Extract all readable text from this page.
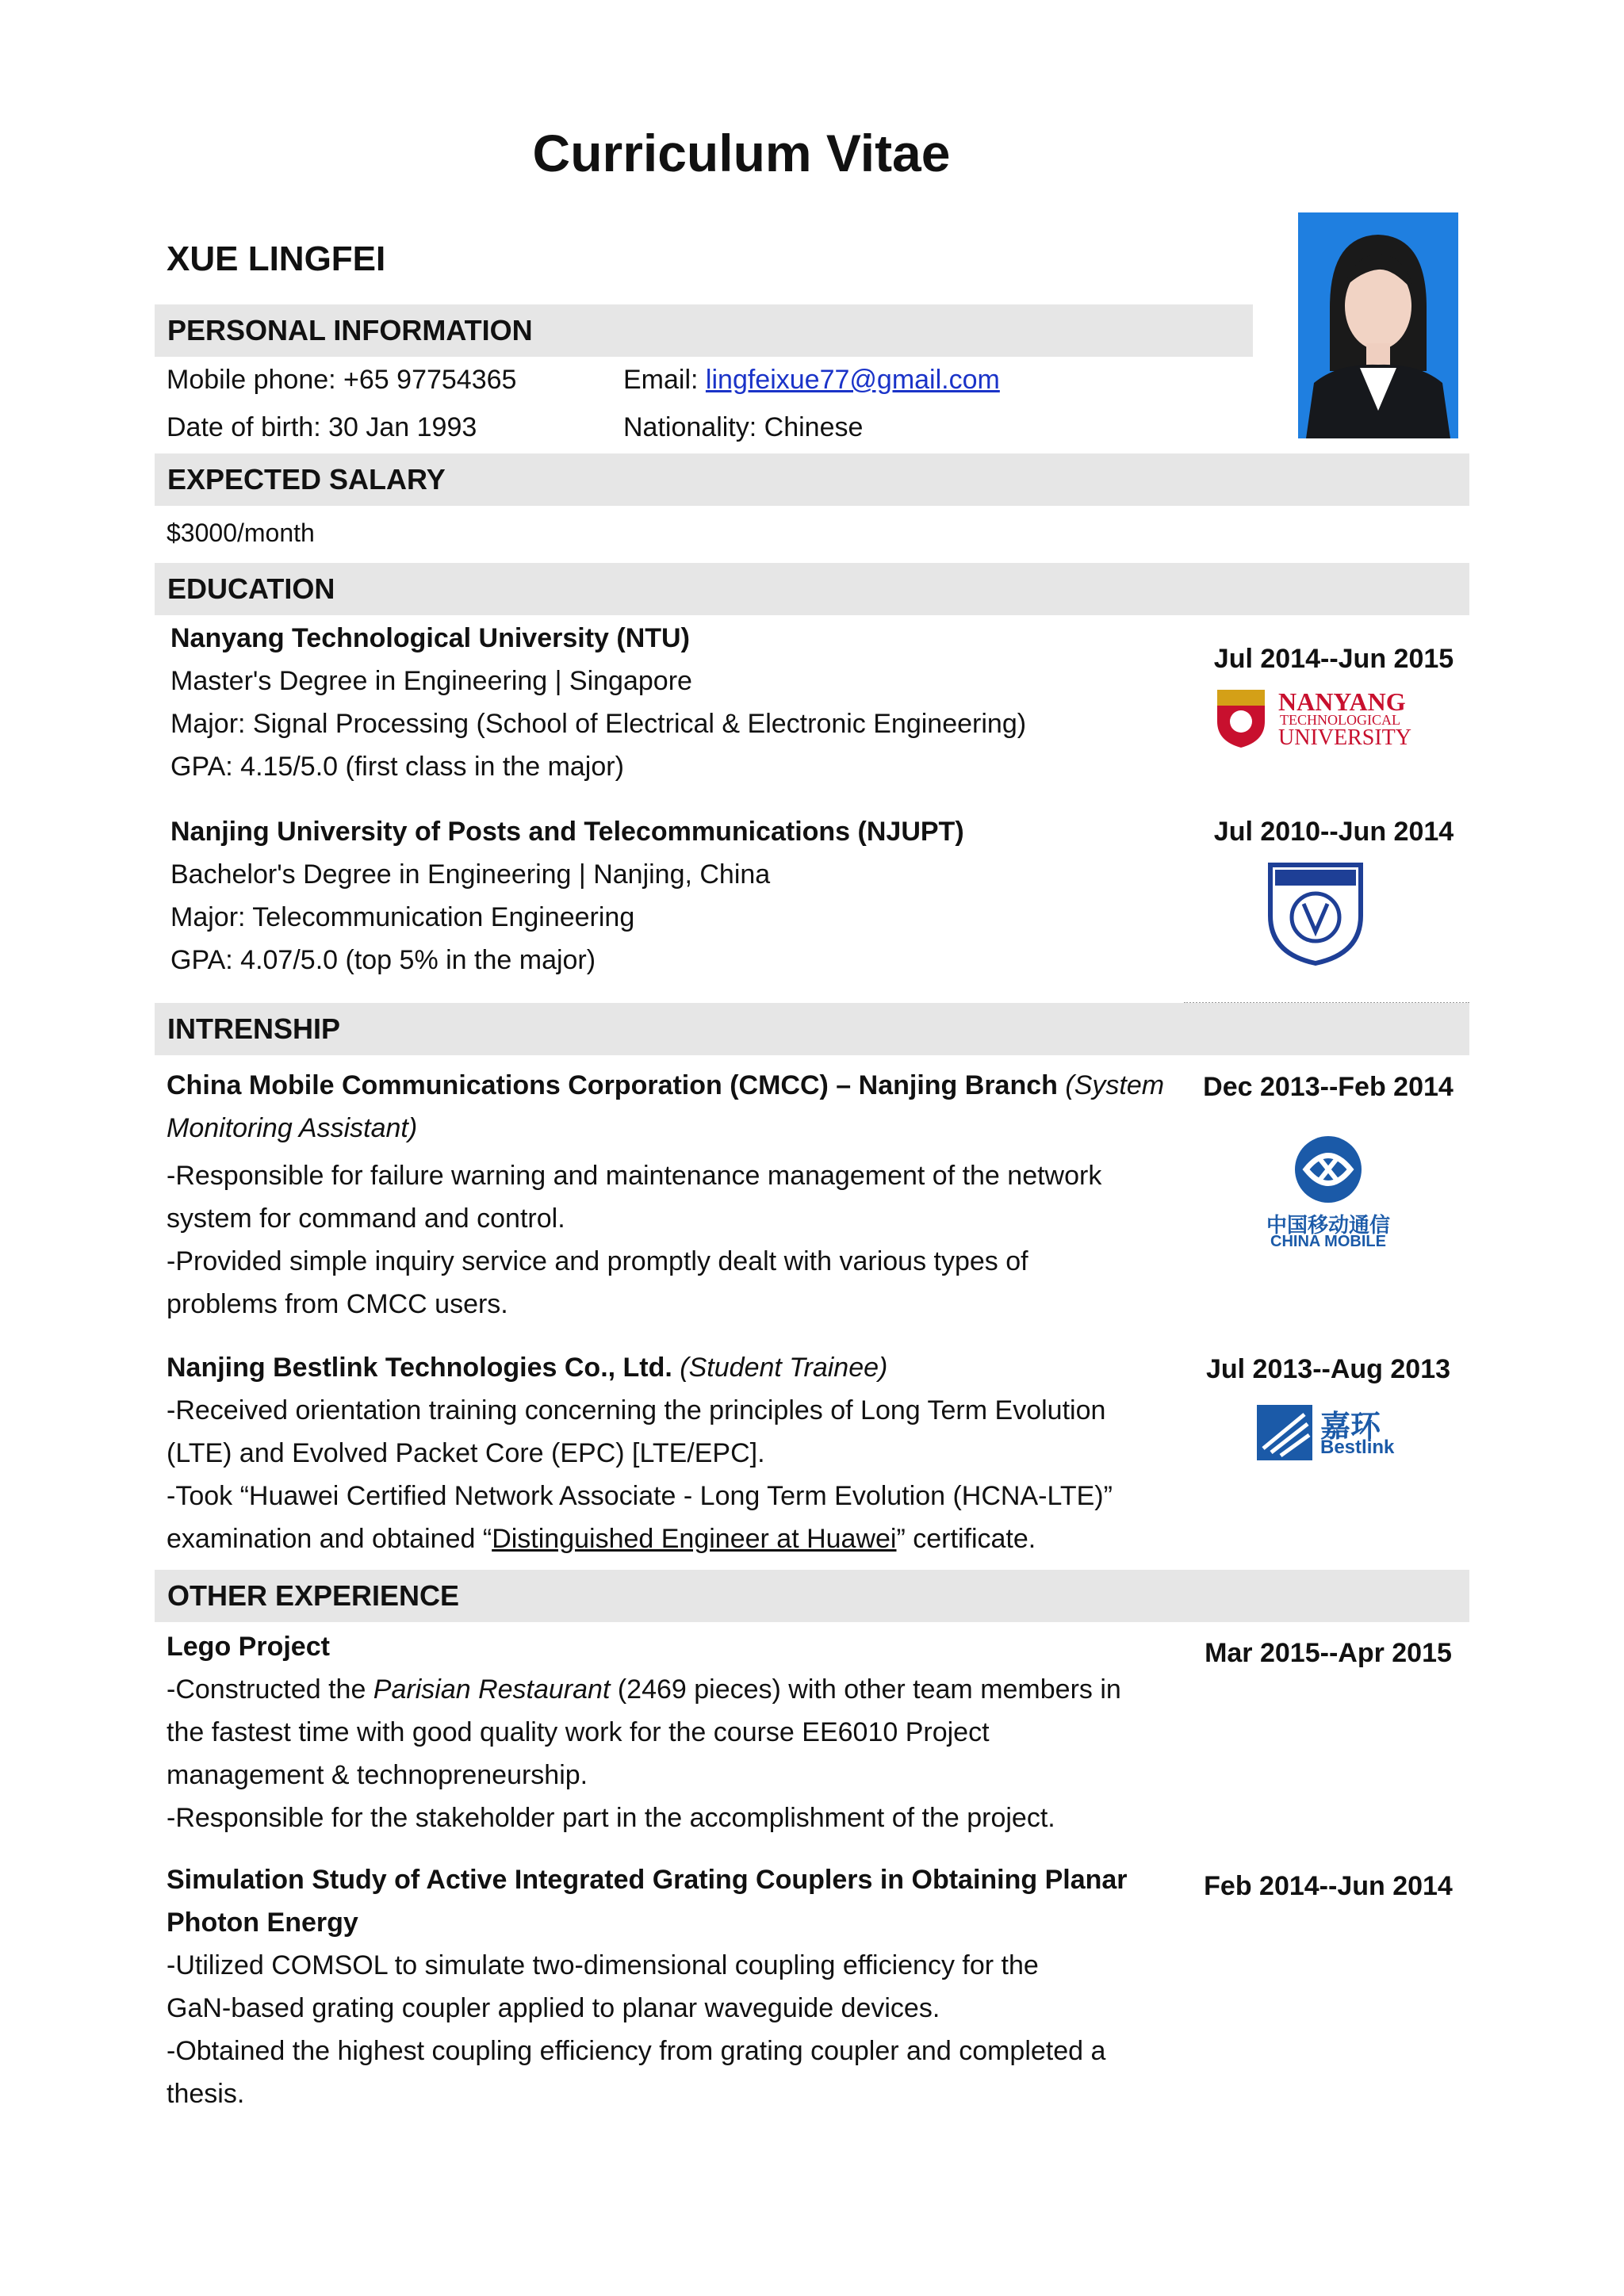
Curriculum Vitae
XUE LINGFEI
PERSONAL INFORMATION
Mobile phone: +65 97754365	Email: lingfeixue77@gmail.com
Date of birth: 30 Jan 1993	Nationality: Chinese
EXPECTED SALARY
$3000/month
EDUCATION
Nanyang Technological University (NTU)
Master's Degree in Engineering | Singapore
Major: Signal Processing (School of Electrical & Electronic Engineering)
GPA: 4.15/5.0 (first class in the major)
Jul 2014--Jun 2015
NANYANG
TECHNOLOGICAL
UNIVERSITY
Nanjing University of Posts and Telecommunications (NJUPT)
Bachelor's Degree in Engineering | Nanjing, China
Major: Telecommunication Engineering
GPA: 4.07/5.0 (top 5% in the major)
Jul 2010--Jun 2014
INTRENSHIP
China Mobile Communications Corporation (CMCC) – Nanjing Branch (System
Monitoring Assistant)
-Responsible for failure warning and maintenance management of the network
system for command and control.
-Provided simple inquiry service and promptly dealt with various types of
problems from CMCC users.
Dec 2013--Feb 2014
中国移动通信
CHINA MOBILE
Nanjing Bestlink Technologies Co., Ltd. (Student Trainee)
-Received orientation training concerning the principles of Long Term Evolution
(LTE) and Evolved Packet Core (EPC) [LTE/EPC].
-Took “Huawei Certified Network Associate - Long Term Evolution (HCNA-LTE)”
examination and obtained “Distinguished Engineer at Huawei” certificate.
Jul 2013--Aug 2013
嘉环
Bestlink
OTHER EXPERIENCE
Lego Project
-Constructed the Parisian Restaurant (2469 pieces) with other team members in
the fastest time with good quality work for the course EE6010 Project
management & technopreneurship.
-Responsible for the stakeholder part in the accomplishment of the project.
Mar 2015--Apr 2015
Simulation Study of Active Integrated Grating Couplers in Obtaining Planar
Photon Energy
-Utilized COMSOL to simulate two-dimensional coupling efficiency for the
GaN-based grating coupler applied to planar waveguide devices.
-Obtained the highest coupling efficiency from grating coupler and completed a
thesis.
Feb 2014--Jun 2014
